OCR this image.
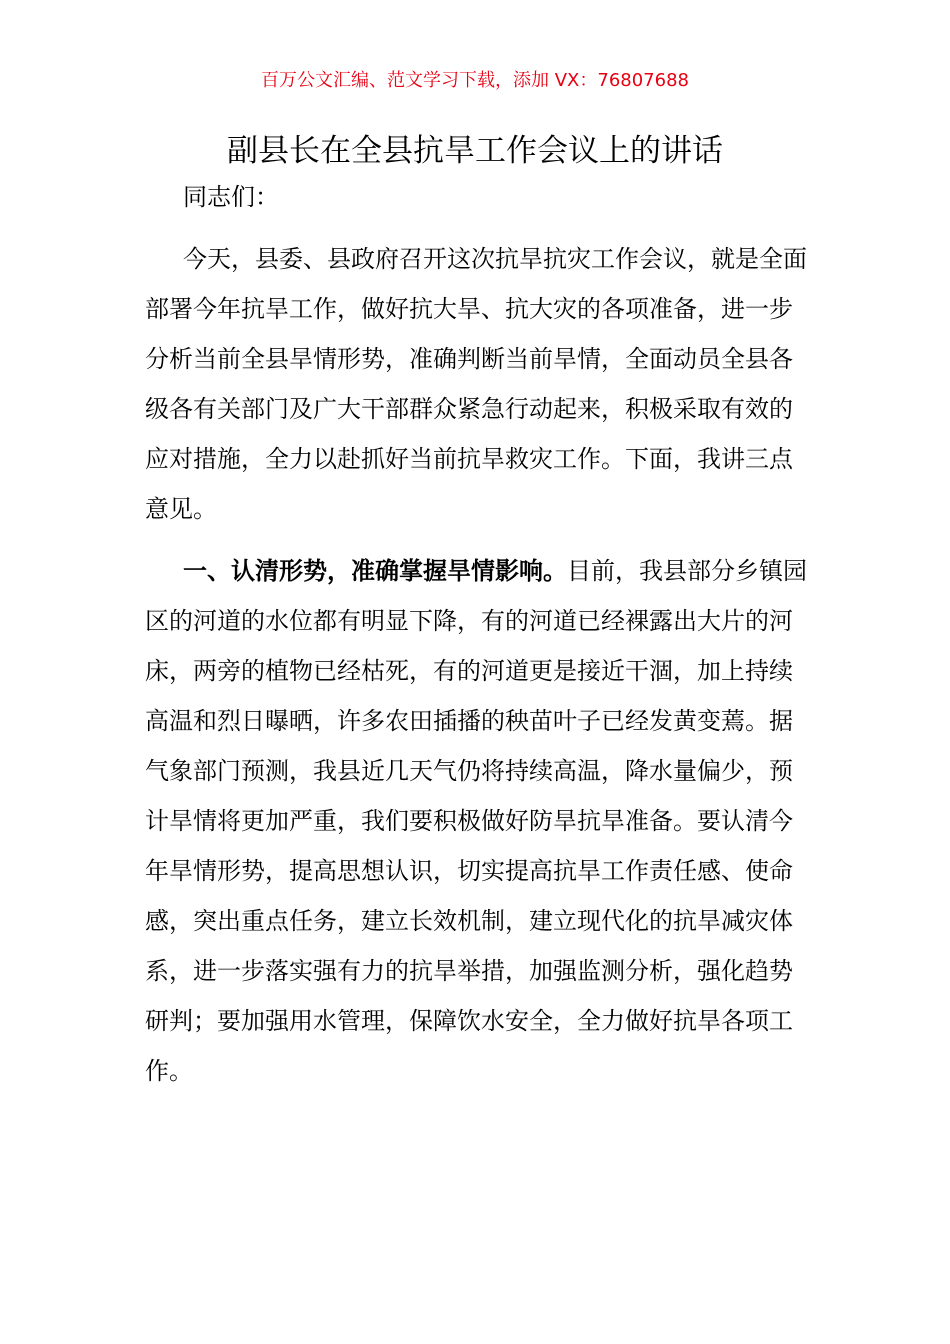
百万公文汇编、范文学习下载，添加 VX：76807688
副县长在全县抗旱工作会议上的讲话

同志们：

今天，县委、县政府召开这次抗旱抗灾工作会议，就是全面部署今年抗旱工作，做好抗大旱、抗大灾的各项准备，进一步分析当前全县旱情形势，准确判断当前旱情，全面动员全县各级各有关部门及广大干部群众紧急行动起来，积极采取有效的应对措施，全力以赴抓好当前抗旱救灾工作。下面，我讲三点意见。

一、认清形势，准确掌握旱情影响。目前，我县部分乡镇园区的河道的水位都有明显下降，有的河道已经裸露出大片的河床，两旁的植物已经枯死，有的河道更是接近干涸，加上持续高温和烈日曝晒，许多农田插播的秧苗叶子已经发黄变蔫。据气象部门预测，我县近几天气仍将持续高温，降水量偏少，预计旱情将更加严重，我们要积极做好防旱抗旱准备。要认清今年旱情形势，提高思想认识，切实提高抗旱工作责任感、使命感，突出重点任务，建立长效机制，建立现代化的抗旱减灾体系，进一步落实强有力的抗旱举措，加强监测分析，强化趋势研判；要加强用水管理，保障饮水安全，全力做好抗旱各项工作。
